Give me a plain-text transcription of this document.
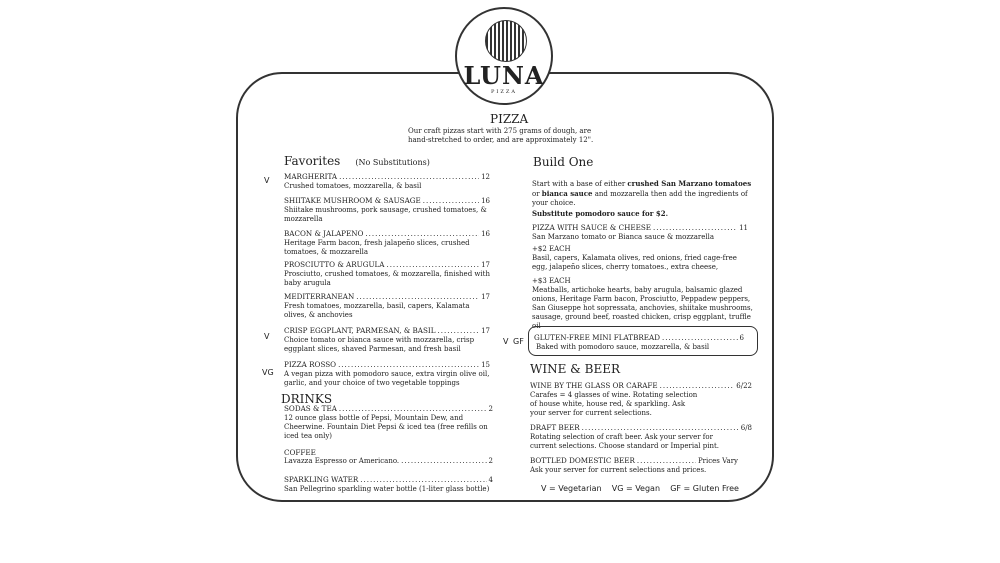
LUNA
PIZZA
PIZZA
Our craft pizzas start with 275 grams of dough, are
hand-stretched to order, and are approximately 12".
Favorites (No Substitutions)
V MARGHERITA .....	12
Crushed tomatoes, mozzarella, & basil
SHIITAKE MUSHROOM & SAUSAGE .....	16
Shiitake mushrooms, pork sausage, crushed tomatoes, & mozzarella
BACON & JALAPENO .....	16
Heritage Farm bacon, fresh jalapeño slices, crushed tomatoes, & mozzarella
PROSCIUTTO & ARUGULA .....	17
Prosciutto, crushed tomatoes, & mozzarella, finished with baby arugula
MEDITERRANEAN .....	17
Fresh tomatoes, mozzarella, basil, capers, Kalamata olives, & anchovies
V
CRISP EGGPLANT, PARMESAN, & BASIL .....	17
Choice tomato or bianca sauce with mozzarella, crisp eggplant slices, shaved Parmesan, and fresh basil
VG
PIZZA ROSSO .....	15
A vegan pizza with pomodoro sauce, extra virgin olive oil, garlic, and your choice of two vegetable toppings
DRINKS
SODAS & TEA .....	2
12 ounce glass bottle of Pepsi, Mountain Dew, and Cheerwine. Fountain Diet Pepsi & iced tea (free refills on iced tea only)
COFFEE
Lavazza Espresso or Americano. .....	2
SPARKLING WATER .....	4
San Pellegrino sparkling water bottle (1-liter glass bottle)
Build One
Start with a base of either crushed San Marzano tomatoes or bianca sauce and mozzarella then add the ingredients of your choice.
Substitute pomodoro sauce for $2.
PIZZA WITH SAUCE & CHEESE .....	11
San Marzano tomato or Bianca sauce & mozzarella
+$2 EACH
Basil, capers, Kalamata olives, red onions, fried cage-free egg, jalapeño slices, cherry tomatoes., extra cheese,
+$3 EACH
Meatballs, artichoke hearts, baby arugula, balsamic glazed onions, Heritage Farm bacon, Prosciutto, Peppadew peppers, San Giuseppe hot sopressata, anchovies, shiitake mushrooms, sausage, ground beef, roasted chicken, crisp eggplant, truffle oil
V GF GLUTEN-FREE MINI FLATBREAD .....	6
Baked with pomodoro sauce, mozzarella, & basil
WINE & BEER
WINE BY THE GLASS OR CARAFE .....	6/22
Carafes = 4 glasses of wine. Rotating selection of house white, house red, & sparkling. Ask your server for current selections.
DRAFT BEER .....	6/8
Rotating selection of craft beer. Ask your server for current selections. Choose standard or Imperial pint.
BOTTLED DOMESTIC BEER .....	Prices Vary
Ask your server for current selections and prices.
V = Vegetarian    VG = Vegan    GF = Gluten Free
